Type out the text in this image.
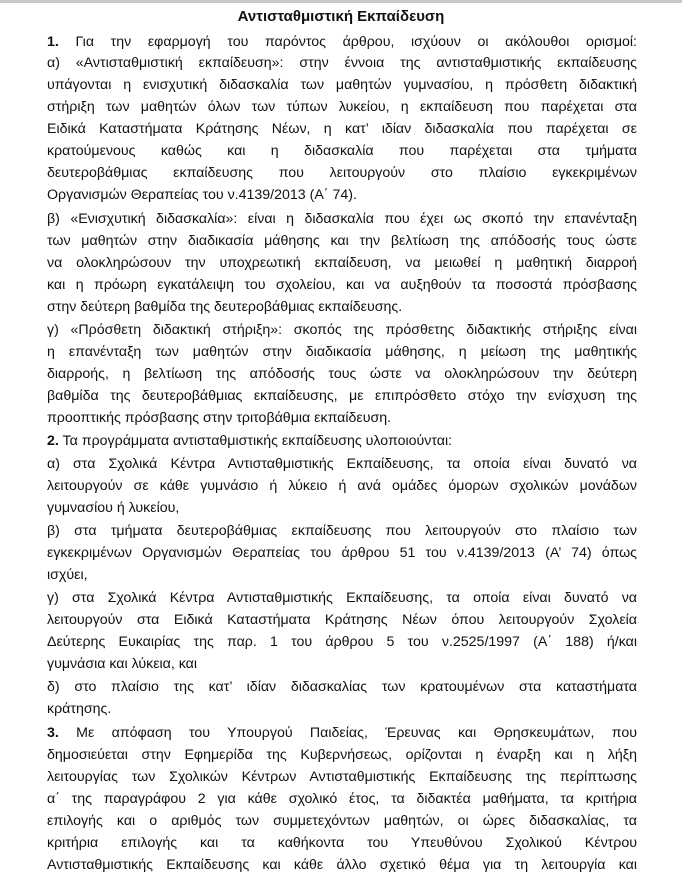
Αντισταθμιστική Εκπαίδευση
1. Για την εφαρμογή του παρόντος άρθρου, ισχύουν οι ακόλουθοι ορισμοί:
α) «Αντισταθμιστική εκπαίδευση»: στην έννοια της αντισταθμιστικής εκπαίδευσης
υπάγονται η ενισχυτική διδασκαλία των μαθητών γυμνασίου, η πρόσθετη διδακτική
στήριξη των μαθητών όλων των τύπων λυκείου, η εκπαίδευση που παρέχεται στα
Ειδικά Καταστήματα Κράτησης Νέων, η κατ’ ιδίαν διδασκαλία που παρέχεται σε
κρατούμενους καθώς και η διδασκαλία που παρέχεται στα τμήματα
δευτεροβάθμιας εκπαίδευσης που λειτουργούν στο πλαίσιο εγκεκριμένων
Οργανισμών Θεραπείας του ν.4139/2013 (Α΄ 74).
β) «Ενισχυτική διδασκαλία»: είναι η διδασκαλία που έχει ως σκοπό την επανένταξη
των μαθητών στην διαδικασία μάθησης και την βελτίωση της απόδοσής τους ώστε
να ολοκληρώσουν την υποχρεωτική εκπαίδευση, να μειωθεί η μαθητική διαρροή
και η πρόωρη εγκατάλειψη του σχολείου, και να αυξηθούν τα ποσοστά πρόσβασης
στην δεύτερη βαθμίδα της δευτεροβάθμιας εκπαίδευσης.
γ) «Πρόσθετη διδακτική στήριξη»: σκοπός της πρόσθετης διδακτικής στήριξης είναι
η επανένταξη των μαθητών στην διαδικασία μάθησης, η μείωση της μαθητικής
διαρροής, η βελτίωση της απόδοσής τους ώστε να ολοκληρώσουν την δεύτερη
βαθμίδα της δευτεροβάθμιας εκπαίδευσης, με επιπρόσθετο στόχο την ενίσχυση της
προοπτικής πρόσβασης στην τριτοβάθμια εκπαίδευση.
2. Τα προγράμματα αντισταθμιστικής εκπαίδευσης υλοποιούνται:
α) στα Σχολικά Κέντρα Αντισταθμιστικής Εκπαίδευσης, τα οποία είναι δυνατό να
λειτουργούν σε κάθε γυμνάσιο ή λύκειο ή ανά ομάδες όμορων σχολικών μονάδων
γυμνασίου ή λυκείου,
β) στα τμήματα δευτεροβάθμιας εκπαίδευσης που λειτουργούν στο πλαίσιο των
εγκεκριμένων Οργανισμών Θεραπείας του άρθρου 51 του ν.4139/2013 (Α’ 74) όπως
ισχύει,
γ) στα Σχολικά Κέντρα Αντισταθμιστικής Εκπαίδευσης, τα οποία είναι δυνατό να
λειτουργούν στα Ειδικά Καταστήματα Κράτησης Νέων όπου λειτουργούν Σχολεία
Δεύτερης Ευκαιρίας της παρ. 1 του άρθρου 5 του ν.2525/1997 (Α΄ 188) ή/και
γυμνάσια και λύκεια, και
δ) στο πλαίσιο της κατ’ ιδίαν διδασκαλίας των κρατουμένων στα καταστήματα
κράτησης.
3. Με απόφαση του Υπουργού Παιδείας, Έρευνας και Θρησκευμάτων, που
δημοσιεύεται στην Εφημερίδα της Κυβερνήσεως, ορίζονται η έναρξη και η λήξη
λειτουργίας των Σχολικών Κέντρων Αντισταθμιστικής Εκπαίδευσης της περίπτωσης
α΄ της παραγράφου 2 για κάθε σχολικό έτος, τα διδακτέα μαθήματα, τα κριτήρια
επιλογής και ο αριθμός των συμμετεχόντων μαθητών, οι ώρες διδασκαλίας, τα
κριτήρια επιλογής και τα καθήκοντα του Υπευθύνου Σχολικού Κέντρου
Αντισταθμιστικής Εκπαίδευσης και κάθε άλλο σχετικό θέμα για τη λειτουργία και
